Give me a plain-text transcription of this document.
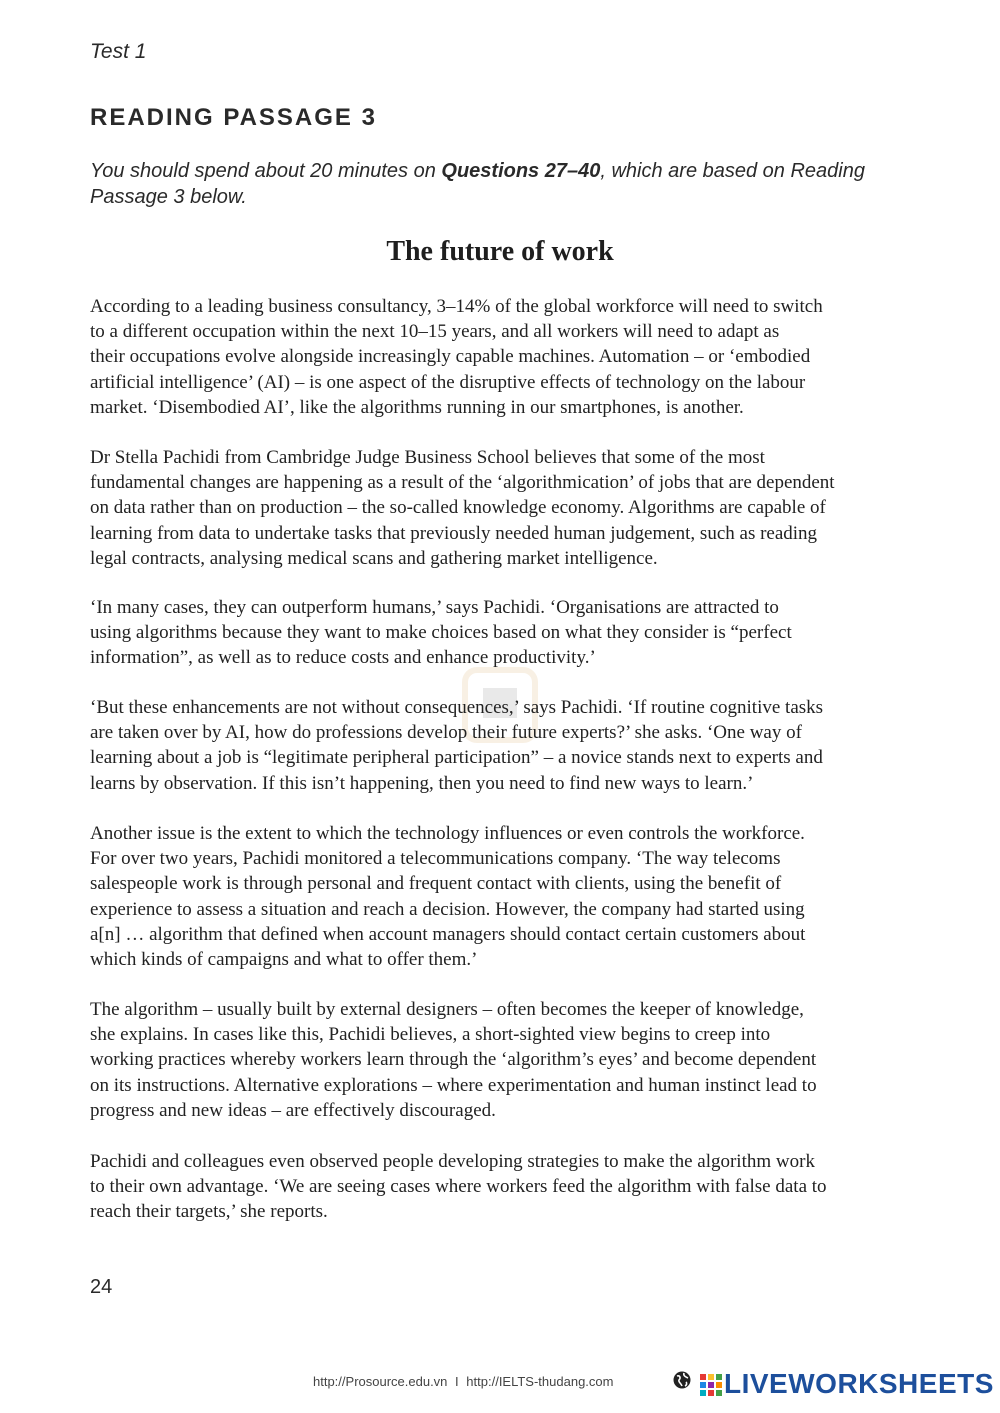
Test 1
READING PASSAGE 3

You should spend about 20 minutes on Questions 27–40, which are based on Reading Passage 3 below.

The future of work
According to a leading business consultancy, 3–14% of the global workforce will need to switch
to a different occupation within the next 10–15 years, and all workers will need to adapt as
their occupations evolve alongside increasingly capable machines. Automation – or ‘embodied
artificial intelligence’ (AI) – is one aspect of the disruptive effects of technology on the labour
market. ‘Disembodied AI’, like the algorithms running in our smartphones, is another.
Dr Stella Pachidi from Cambridge Judge Business School believes that some of the most
fundamental changes are happening as a result of the ‘algorithmication’ of jobs that are dependent
on data rather than on production – the so-called knowledge economy. Algorithms are capable of
learning from data to undertake tasks that previously needed human judgement, such as reading
legal contracts, analysing medical scans and gathering market intelligence.
‘In many cases, they can outperform humans,’ says Pachidi. ‘Organisations are attracted to
using algorithms because they want to make choices based on what they consider is “perfect
information”, as well as to reduce costs and enhance productivity.’
‘But these enhancements are not without consequences,’ says Pachidi. ‘If routine cognitive tasks
are taken over by AI, how do professions develop their future experts?’ she asks. ‘One way of
learning about a job is “legitimate peripheral participation” – a novice stands next to experts and
learns by observation. If this isn’t happening, then you need to find new ways to learn.’
Another issue is the extent to which the technology influences or even controls the workforce.
For over two years, Pachidi monitored a telecommunications company. ‘The way telecoms
salespeople work is through personal and frequent contact with clients, using the benefit of
experience to assess a situation and reach a decision. However, the company had started using
a[n] … algorithm that defined when account managers should contact certain customers about
which kinds of campaigns and what to offer them.’
The algorithm – usually built by external designers – often becomes the keeper of knowledge,
she explains. In cases like this, Pachidi believes, a short-sighted view begins to creep into
working practices whereby workers learn through the ‘algorithm’s eyes’ and become dependent
on its instructions. Alternative explorations – where experimentation and human instinct lead to
progress and new ideas – are effectively discouraged.
Pachidi and colleagues even observed people developing strategies to make the algorithm work
to their own advantage. ‘We are seeing cases where workers feed the algorithm with false data to
reach their targets,’ she reports.
24
http://Prosource.edu.vn I http://IELTS-thudang.com	LIVEWORKSHEETS
